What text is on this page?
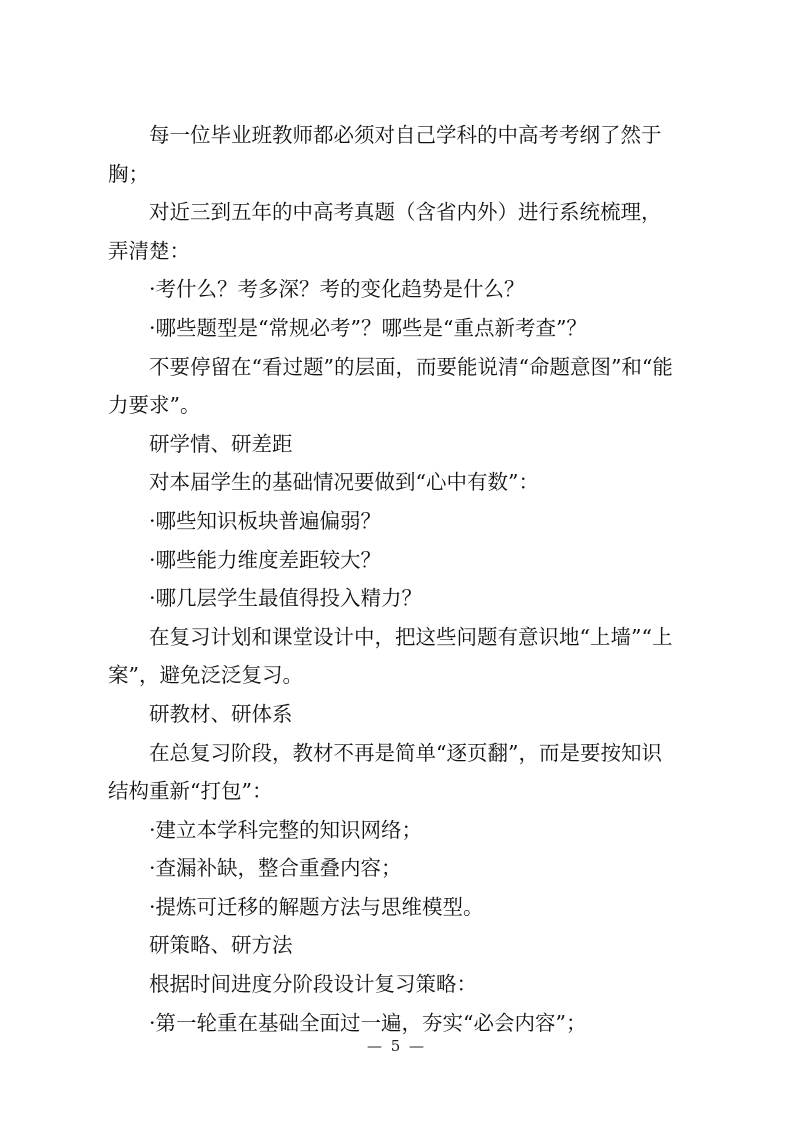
每一位毕业班教师都必须对自己学科的中高考考纲了然于
胸；
对近三到五年的中高考真题（含省内外）进行系统梳理，
弄清楚：
·考什么？考多深？考的变化趋势是什么？
·哪些题型是“常规必考”？哪些是“重点新考查”？
不要停留在“看过题”的层面，而要能说清“命题意图”和“能
力要求”。
研学情、研差距
对本届学生的基础情况要做到“心中有数”：
·哪些知识板块普遍偏弱？
·哪些能力维度差距较大？
·哪几层学生最值得投入精力？
在复习计划和课堂设计中，把这些问题有意识地“上墙”“上
案”，避免泛泛复习。
研教材、研体系
在总复习阶段，教材不再是简单“逐页翻”，而是要按知识
结构重新“打包”：
·建立本学科完整的知识网络；
·查漏补缺，整合重叠内容；
·提炼可迁移的解题方法与思维模型。
研策略、研方法
根据时间进度分阶段设计复习策略：
·第一轮重在基础全面过一遍，夯实“必会内容”；
— 5 —
